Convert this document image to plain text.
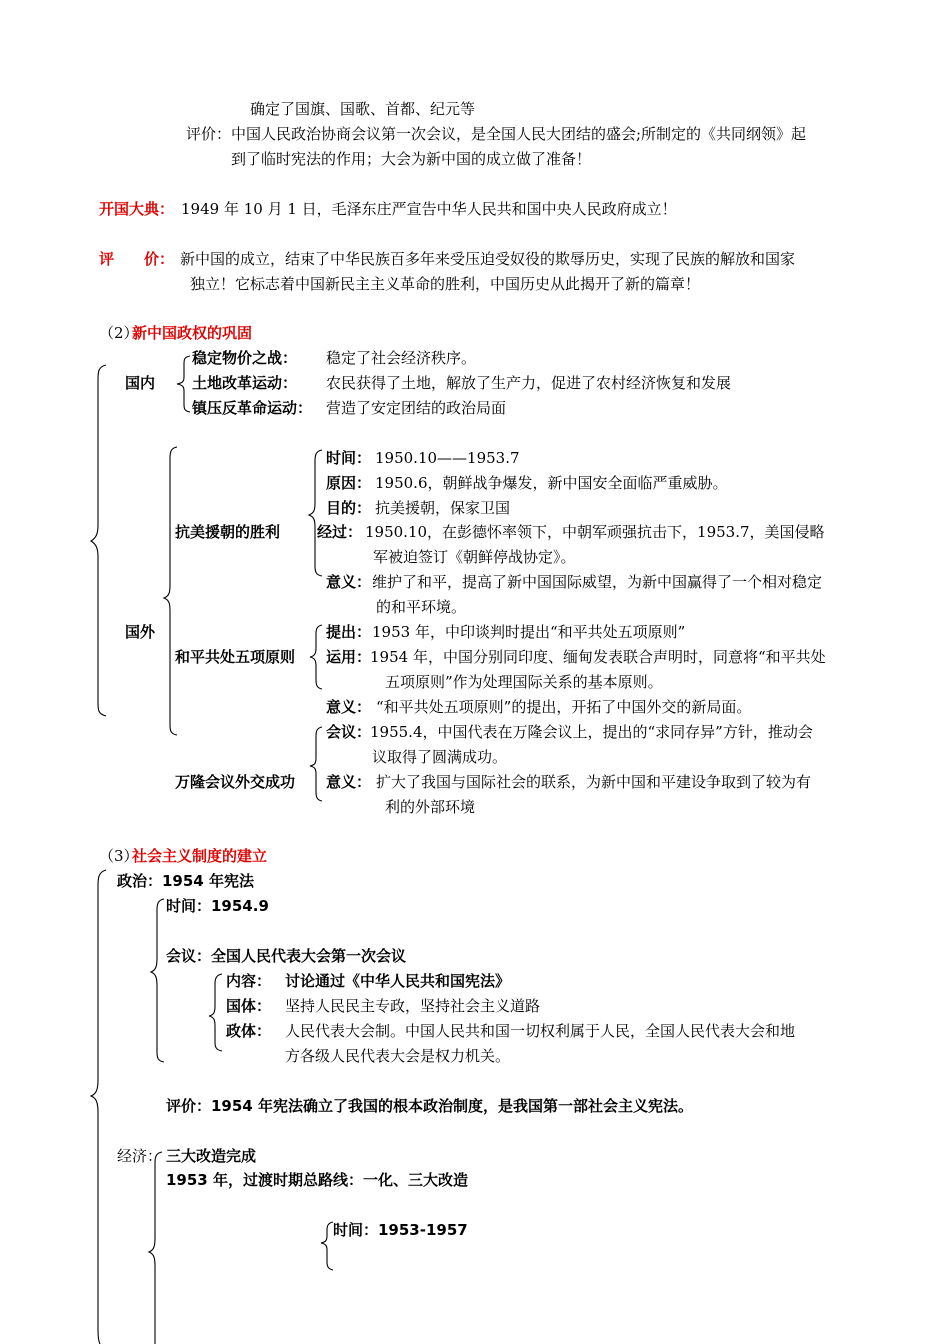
确定了国旗、国歌、首都、纪元等
评价： 中国人民政治协商会议第一次会议，是全国人民大团结的盛会;所制定的《共同纲领》起
到了临时宪法的作用；大会为新中国的成立做了准备！
开国大典： 1949 年 10 月 1 日，毛泽东庄严宣告中华人民共和国中央人民政府成立！
评　　价： 新中国的成立，结束了中华民族百多年来受压迫受奴役的欺辱历史，实现了民族的解放和国家
独立！它标志着中国新民主主义革命的胜利，中国历史从此揭开了新的篇章！
（2）
新中国政权的巩固
国内
稳定物价之战： 稳定了社会经济秩序。
土地改革运动： 农民获得了土地，解放了生产力，促进了农村经济恢复和发展
镇压反革命运动： 营造了安定团结的政治局面
国外
抗美援朝的胜利
时间： 1950.10——1953.7
原因： 1950.6，朝鲜战争爆发，新中国安全面临严重威胁。
目的： 抗美援朝，保家卫国
经过： 1950.10，在彭德怀率领下，中朝军顽强抗击下，1953.7，美国侵略
军被迫签订《朝鲜停战协定》。
意义： 维护了和平，提高了新中国国际威望，为新中国赢得了一个相对稳定
的和平环境。
和平共处五项原则
提出： 1953 年，中印谈判时提出“和平共处五项原则”
运用：
1954 年，中国分别同印度、缅甸发表联合声明时，同意将“和平共处
五项原则”作为处理国际关系的基本原则。
意义： “和平共处五项原则”的提出，开拓了中国外交的新局面。
万隆会议外交成功
会议：
1955.4，中国代表在万隆会议上，提出的“求同存异”方针，推动会
议取得了圆满成功。
意义： 扩大了我国与国际社会的联系，为新中国和平建设争取到了较为有
利的外部环境
（3）
社会主义制度的建立
政治：1954 年宪法
时间：1954.9
会议：全国人民代表大会第一次会议
内容： 讨论通过《中华人民共和国宪法》
国体： 坚持人民民主专政，坚持社会主义道路
政体： 人民代表大会制。中国人民共和国一切权利属于人民，全国人民代表大会和地
方各级人民代表大会是权力机关。
评价：1954 年宪法确立了我国的根本政治制度，是我国第一部社会主义宪法。
经济： 三大改造完成
1953 年，过渡时期总路线：一化、三大改造
时间：1953-1957
